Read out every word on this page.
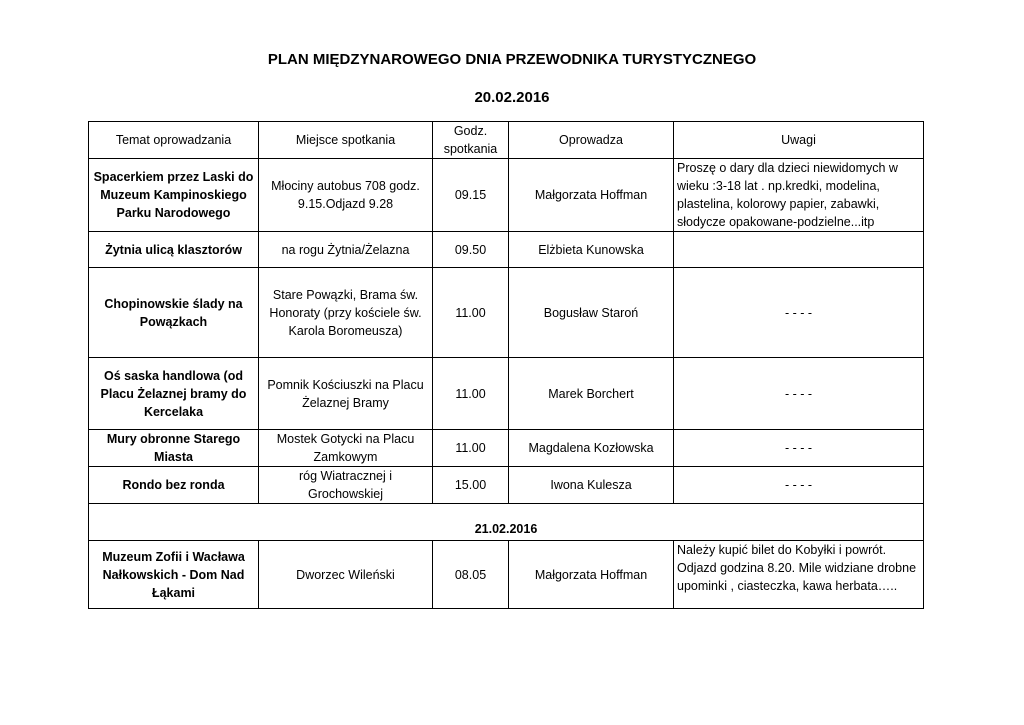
PLAN MIĘDZYNAROWEGO DNIA PRZEWODNIKA TURYSTYCZNEGO
20.02.2016
Temat oprowadzania	Miejsce spotkania	Godz. spotkania	Oprowadza	Uwagi
Spacerkiem przez Laski do Muzeum Kampinoskiego Parku Narodowego	Młociny autobus 708 godz. 9.15.Odjazd 9.28	09.15	Małgorzata Hoffman	Proszę o dary dla dzieci niewidomych w wieku :3-18 lat . np.kredki, modelina, plastelina, kolorowy papier, zabawki, słodycze opakowane-podzielne...itp
Żytnia ulicą klasztorów	na rogu Żytnia/Żelazna	09.50	Elżbieta Kunowska	
Chopinowskie ślady na Powązkach	Stare Powązki, Brama św. Honoraty (przy kościele św. Karola Boromeusza)	11.00	Bogusław Staroń	- - - -
Oś saska handlowa (od Placu Żelaznej bramy do Kercelaka	Pomnik Kościuszki na Placu Żelaznej Bramy	11.00	Marek Borchert	- - - -
Mury obronne Starego Miasta	Mostek Gotycki na Placu Zamkowym	11.00	Magdalena Kozłowska	- - - -
Rondo bez ronda	róg Wiatracznej i Grochowskiej	15.00	Iwona Kulesza	- - - -
21.02.2016				
Muzeum Zofii i Wacława Nałkowskich - Dom Nad Łąkami	Dworzec Wileński	08.05	Małgorzata Hoffman	Należy kupić bilet do Kobyłki i powrót. Odjazd godzina 8.20. Mile widziane drobne upominki , ciasteczka, kawa herbata…..
